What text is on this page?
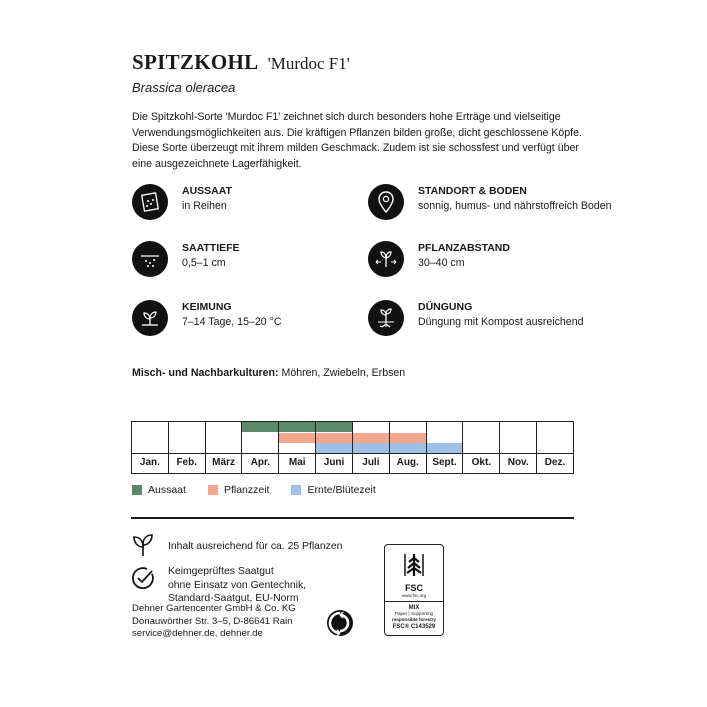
SPITZKOHL 'Murdoc F1'
Brassica oleracea
Die Spitzkohl-Sorte 'Murdoc F1' zeichnet sich durch besonders hohe Erträge und vielseitige Verwendungsmöglichkeiten aus. Die kräftigen Pflanzen bilden große, dicht geschlossene Köpfe. Diese Sorte überzeugt mit ihrem milden Geschmack. Zudem ist sie schossfest und verfügt über eine ausgezeichnete Lagerfähigkeit.
AUSSAAT
in Reihen
STANDORT & BODEN
sonnig, humus- und nährstoffreich Boden
SAATTIEFE
0,5–1 cm
PFLANZABSTAND
30–40 cm
KEIMUNG
7–14 Tage, 15–20 °C
DÜNGUNG
Düngung mit Kompost ausreichend
Misch- und Nachbarkulturen: Möhren, Zwiebeln, Erbsen
Jan.	Feb.	März	Apr.	Mai	Juni	Juli	Aug.	Sept.	Okt.	Nov.	Dez.
Aussaat	Pflanzzeit	Ernte/Blütezeit
Inhalt ausreichend für ca. 25 Pflanzen
Keimgeprüftes Saatgut
ohne Einsatz von Gentechnik,
Standard-Saatgut, EU-Norm
Dehner Gartencenter GmbH & Co. KG
Donauwörther Str. 3–5, D-86641 Rain
service@dehner.de, dehner.de
FSC
www.fsc.org
MIX
Paper | Supporting
responsible forestry
FSC® C143529
